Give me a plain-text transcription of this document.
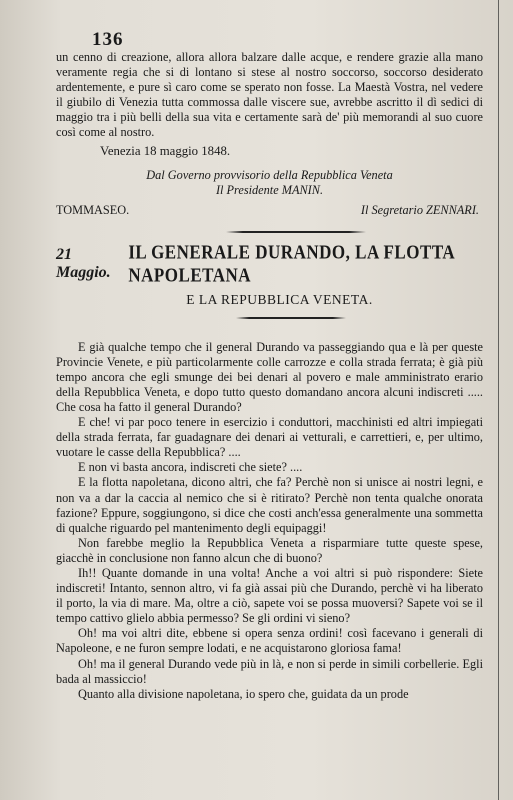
136

un cenno di creazione, allora allora balzare dalle acque, e rendere grazie alla mano veramente regia che si di lontano si stese al nostro soccorso, soccorso desiderato ardentemente, e pure sì caro come se sperato non fosse. La Maestà Vostra, nel vedere il giubilo di Venezia tutta commossa dalle viscere sue, avrebbe ascritto il dì sedici di maggio tra i più belli della sua vita e certamente sarà de' più memorandi al suo cuore così come al nostro.

Venezia 18 maggio 1848.

Dal Governo provvisorio della Repubblica Veneta
Il Presidente MANIN.
TOMMASEO.	Il Segretario ZENNARI.
21 Maggio.
IL GENERALE DURANDO, LA FLOTTA NAPOLETANA
E LA REPUBBLICA VENETA.

E già qualche tempo che il general Durando va passeggiando qua e là per queste Provincie Venete, e più particolarmente colle carrozze e colla strada ferrata; è già più tempo ancora che egli smunge dei bei denari al povero e male amministrato erario della Repubblica Veneta, e dopo tutto questo domandano ancora alcuni indiscreti ..... Che cosa ha fatto il general Durando?

E che! vi par poco tenere in esercizio i conduttori, macchinisti ed altri impiegati della strada ferrata, far guadagnare dei denari ai vetturali, e carrettieri, e, per ultimo, vuotare le casse della Repubblica? ....

E non vi basta ancora, indiscreti che siete? ....

E la flotta napoletana, dicono altri, che fa? Perchè non si unisce ai nostri legni, e non va a dar la caccia al nemico che si è ritirato? Perchè non tenta qualche onorata fazione? Eppure, soggiungono, si dice che costi anch'essa generalmente una sommetta di qualche riguardo pel mantenimento degli equipaggi!

Non farebbe meglio la Repubblica Veneta a risparmiare tutte queste spese, giacchè in conclusione non fanno alcun che di buono?

Ih!! Quante domande in una volta! Anche a voi altri si può rispondere: Siete indiscreti! Intanto, sennon altro, vi fa già assai più che Durando, perchè vi ha liberato il porto, la via di mare. Ma, oltre a ciò, sapete voi se possa muoversi? Sapete voi se il tempo cattivo glielo abbia permesso? Se gli ordini vi sieno?

Oh! ma voi altri dite, ebbene si opera senza ordini! così facevano i generali di Napoleone, e ne furon sempre lodati, e ne acquistarono gloriosa fama!

Oh! ma il general Durando vede più in là, e non si perde in simili corbellerie. Egli bada al massiccio!

Quanto alla divisione napoletana, io spero che, guidata da un prode
